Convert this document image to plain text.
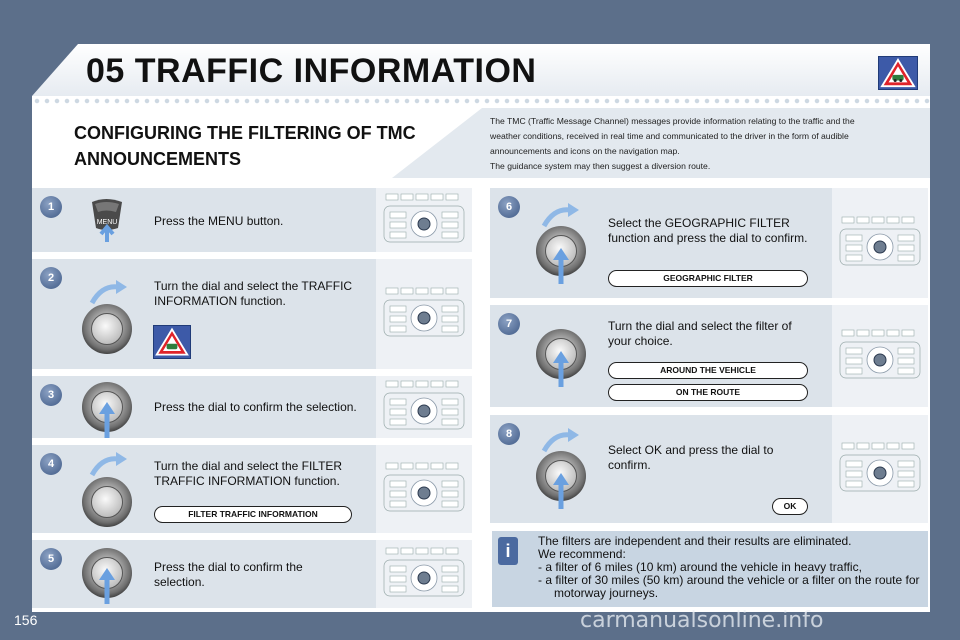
05 TRAFFIC INFORMATION
CONFIGURING THE FILTERING OF TMC ANNOUNCEMENTS
The TMC (Traffic Message Channel) messages provide information relating to the traffic and the
weather conditions, received in real time and communicated to the driver in the form of audible
announcements and icons on the navigation map.
The guidance system may then suggest a diversion route.
1
MENU	Press the MENU button.
2
Turn the dial and select the TRAFFIC INFORMATION function.
3
Press the dial to confirm the selection.
4	Turn the dial and select the FILTER TRAFFIC INFORMATION function.
FILTER TRAFFIC INFORMATION
5
Press the dial to confirm the selection.
6
Select the GEOGRAPHIC FILTER function and press the dial to confirm.
GEOGRAPHIC FILTER
7	Turn the dial and select the filter of your choice.
AROUND THE VEHICLE
ON THE ROUTE
8
Select OK and press the dial to confirm.
OK
i	The filters are independent and their results are eliminated.
We recommend:
- a filter of 6 miles (10 km) around the vehicle in heavy traffic,
- a filter of 30 miles (50 km) around the vehicle or a filter on the route for motorway journeys.
156	carmanualsonline.info
